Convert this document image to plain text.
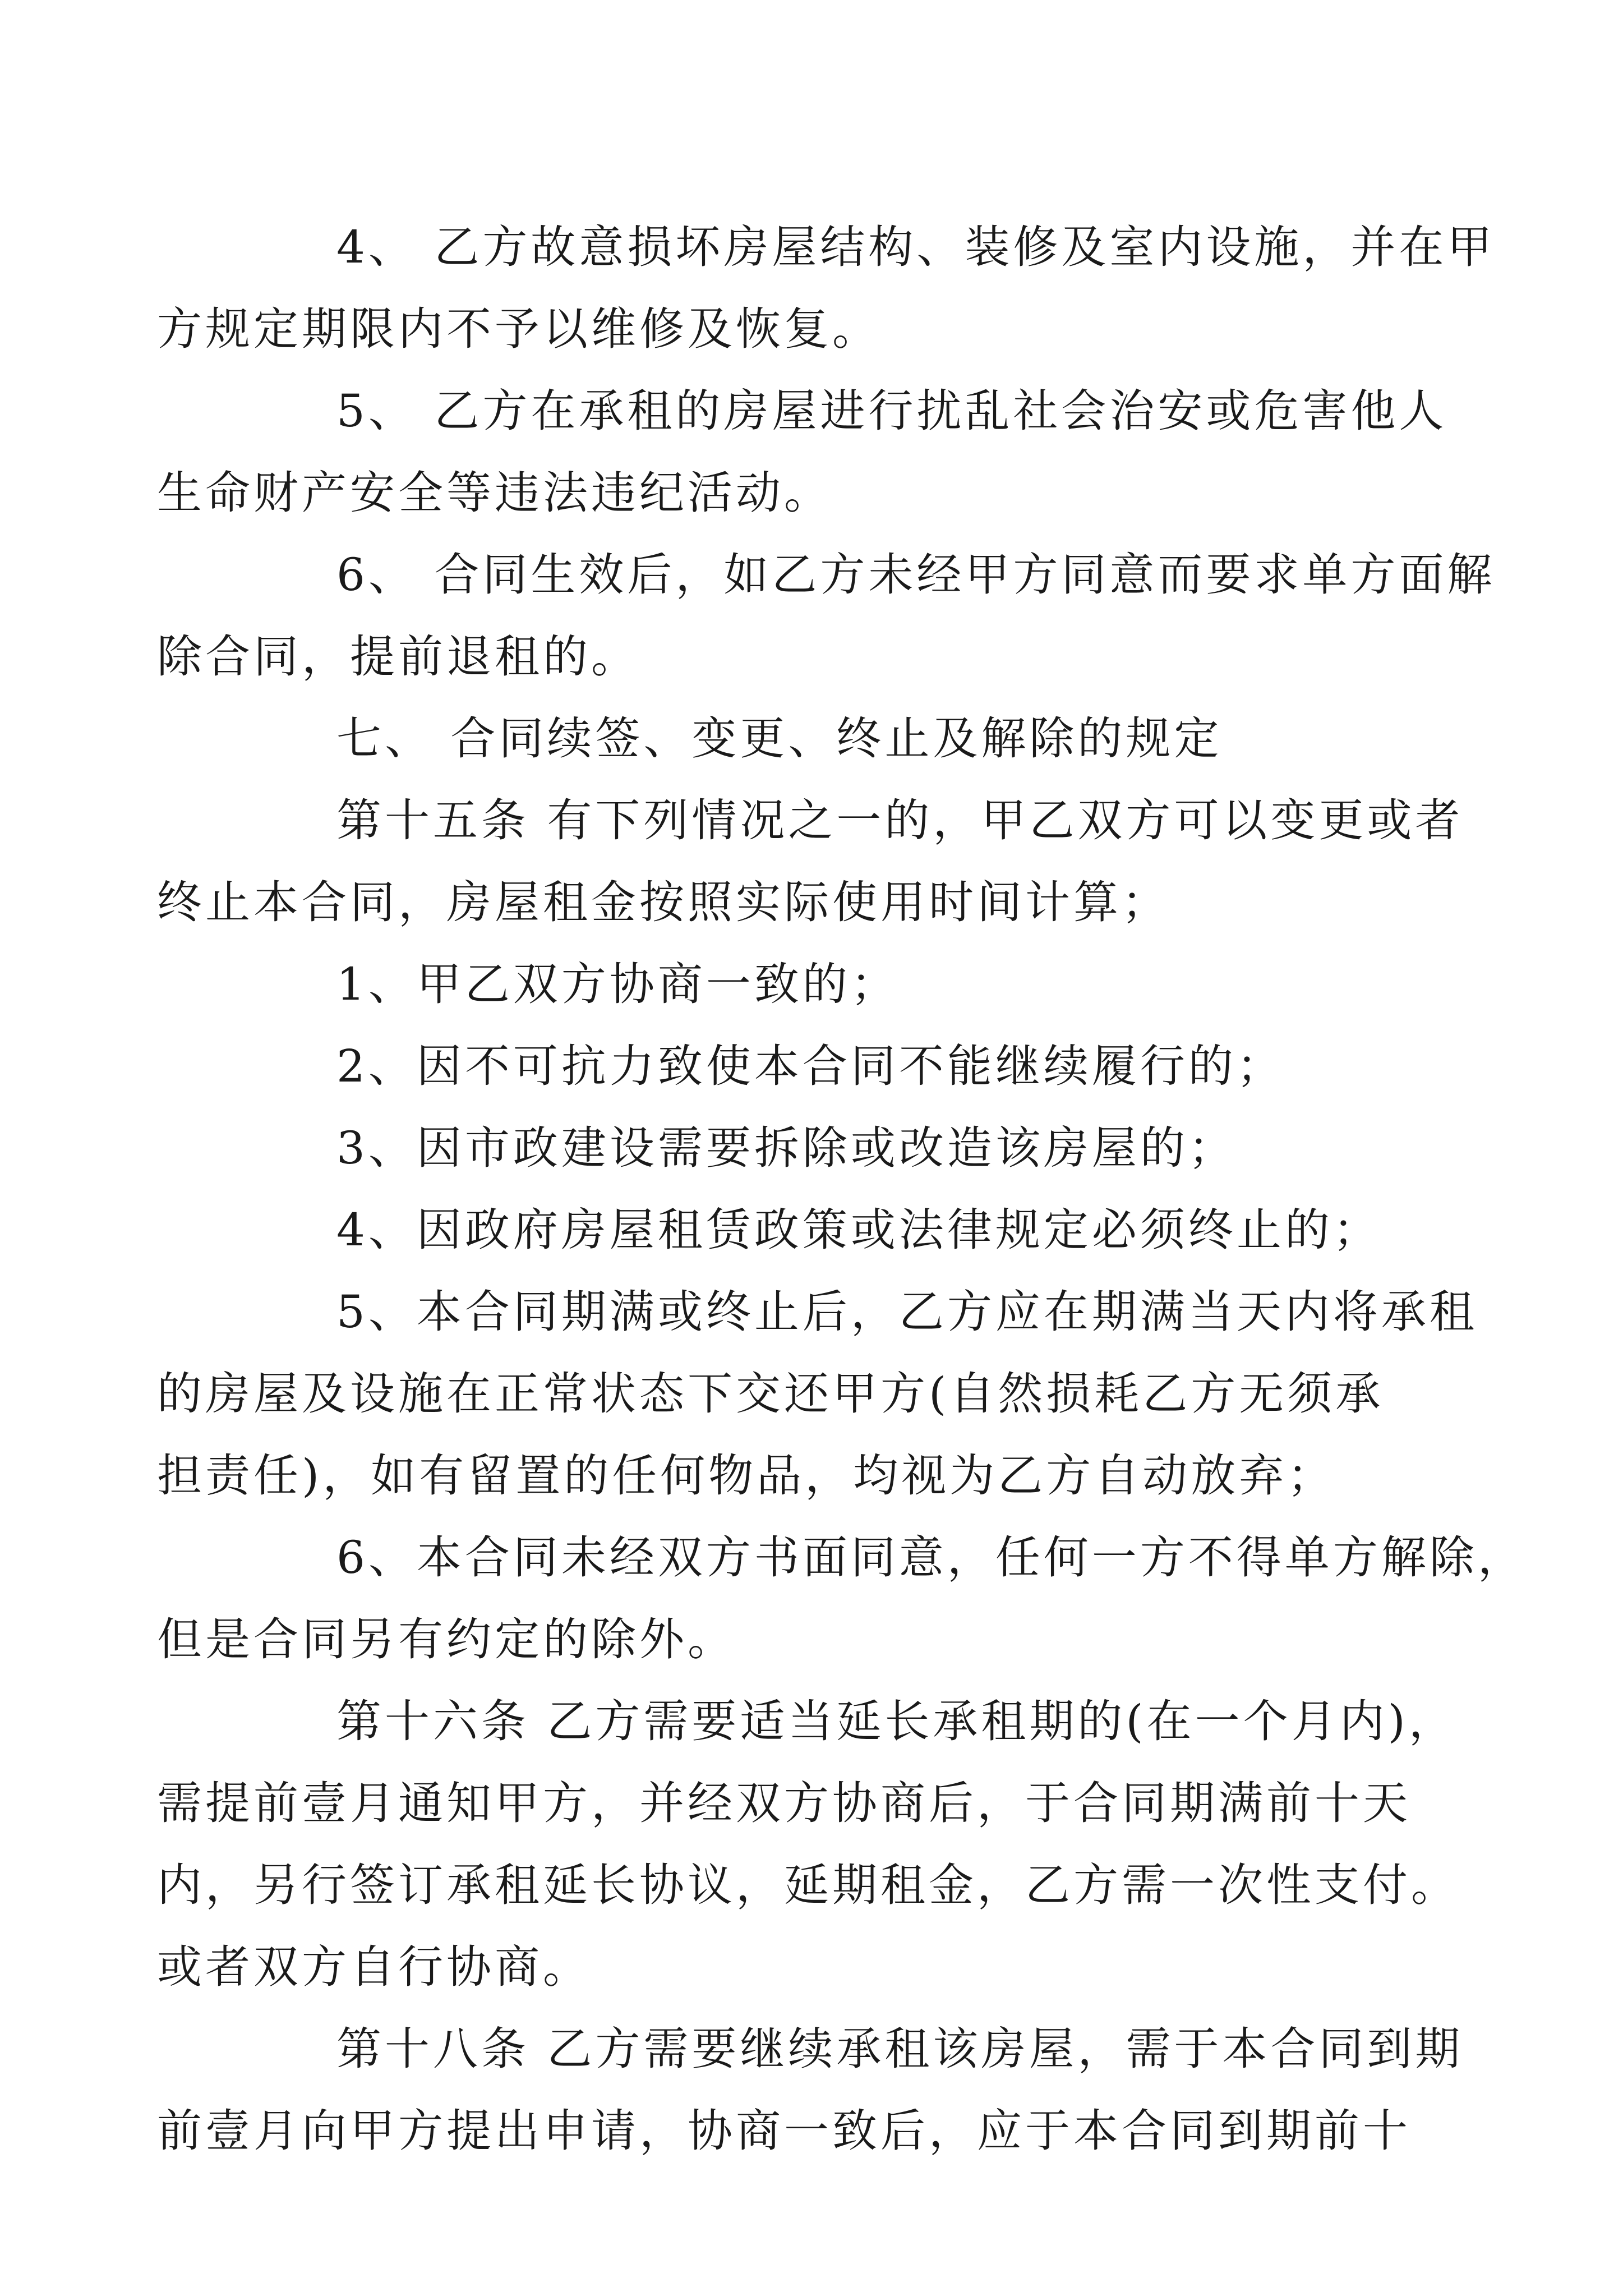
4、 乙方故意损坏房屋结构、装修及室内设施，并在甲
方规定期限内不予以维修及恢复。

5、 乙方在承租的房屋进行扰乱社会治安或危害他人
生命财产安全等违法违纪活动。

6、 合同生效后，如乙方未经甲方同意而要求单方面解
除合同，提前退租的。

七、 合同续签、变更、终止及解除的规定

第十五条 有下列情况之一的，甲乙双方可以变更或者
终止本合同，房屋租金按照实际使用时间计算；

1、甲乙双方协商一致的；

2、因不可抗力致使本合同不能继续履行的；

3、因市政建设需要拆除或改造该房屋的；

4、因政府房屋租赁政策或法律规定必须终止的；

5、本合同期满或终止后，乙方应在期满当天内将承租
的房屋及设施在正常状态下交还甲方(自然损耗乙方无须承
担责任)，如有留置的任何物品，均视为乙方自动放弃；

6、本合同未经双方书面同意，任何一方不得单方解除，
但是合同另有约定的除外。

第十六条 乙方需要适当延长承租期的(在一个月内)，
需提前壹月通知甲方，并经双方协商后，于合同期满前十天
内，另行签订承租延长协议，延期租金，乙方需一次性支付。
或者双方自行协商。

第十八条 乙方需要继续承租该房屋，需于本合同到期
前壹月向甲方提出申请，协商一致后，应于本合同到期前十
